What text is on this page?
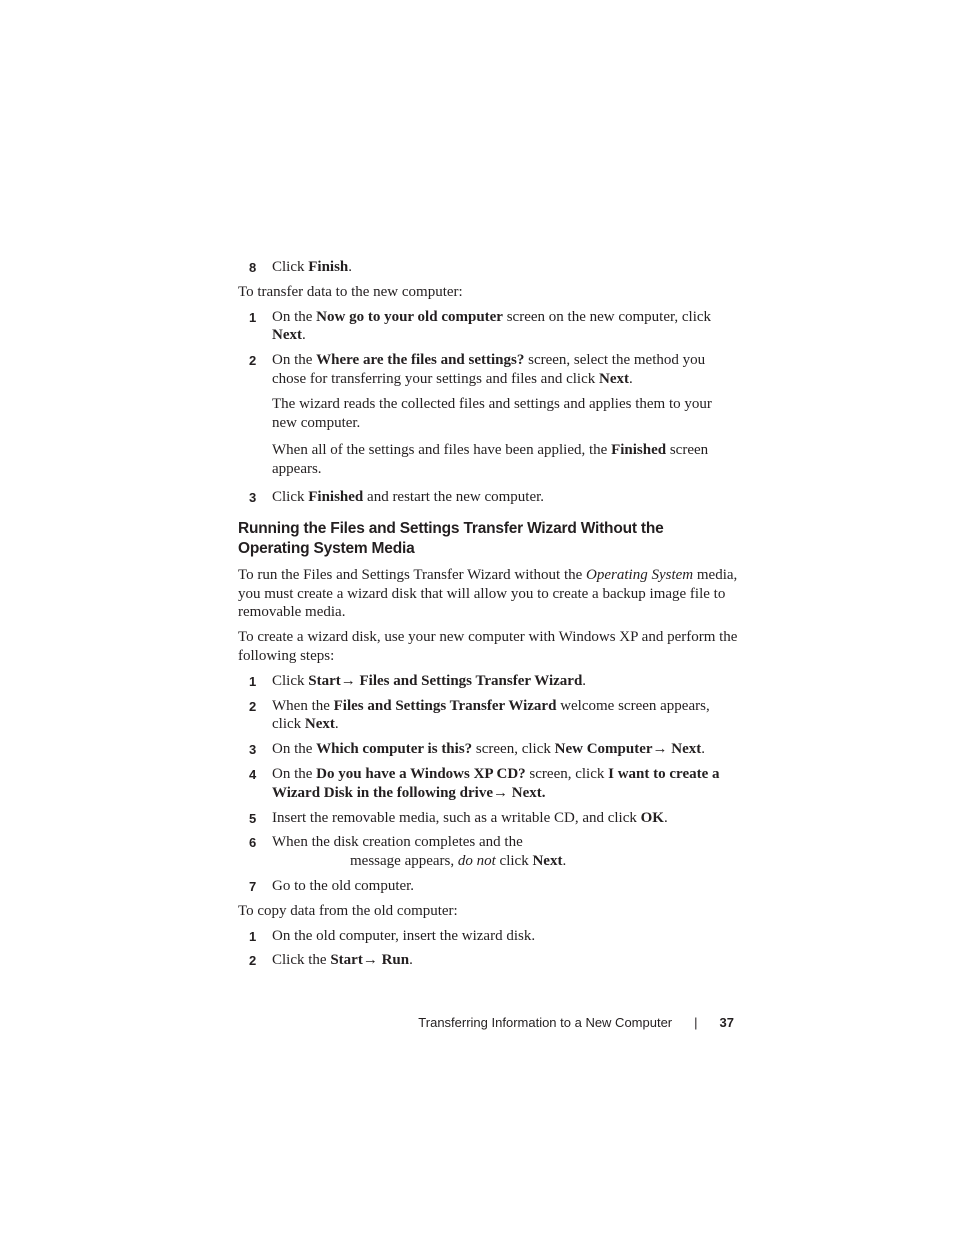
8 Click Finish.

To transfer data to the new computer:

1 On the Now go to your old computer screen on the new computer, click Next.
2 On the Where are the files and settings? screen, select the method you chose for transferring your settings and files and click Next.

The wizard reads the collected files and settings and applies them to your new computer.

When all of the settings and files have been applied, the Finished screen appears.

3 Click Finished and restart the new computer.
Running the Files and Settings Transfer Wizard Without the Operating System Media

To run the Files and Settings Transfer Wizard without the Operating System media, you must create a wizard disk that will allow you to create a backup image file to removable media.

To create a wizard disk, use your new computer with Windows XP and perform the following steps:

1 Click Start→ Files and Settings Transfer Wizard.
2 When the Files and Settings Transfer Wizard welcome screen appears, click Next.
3 On the Which computer is this? screen, click New Computer→ Next.
4 On the Do you have a Windows XP CD? screen, click I want to create a Wizard Disk in the following drive→ Next.
5 Insert the removable media, such as a writable CD, and click OK.
6 When the disk creation completes and the
message appears, do not click Next.
7 Go to the old computer.

To copy data from the old computer:

1 On the old computer, insert the wizard disk.
2 Click the Start→ Run.
Transferring Information to a New Computer | 37
